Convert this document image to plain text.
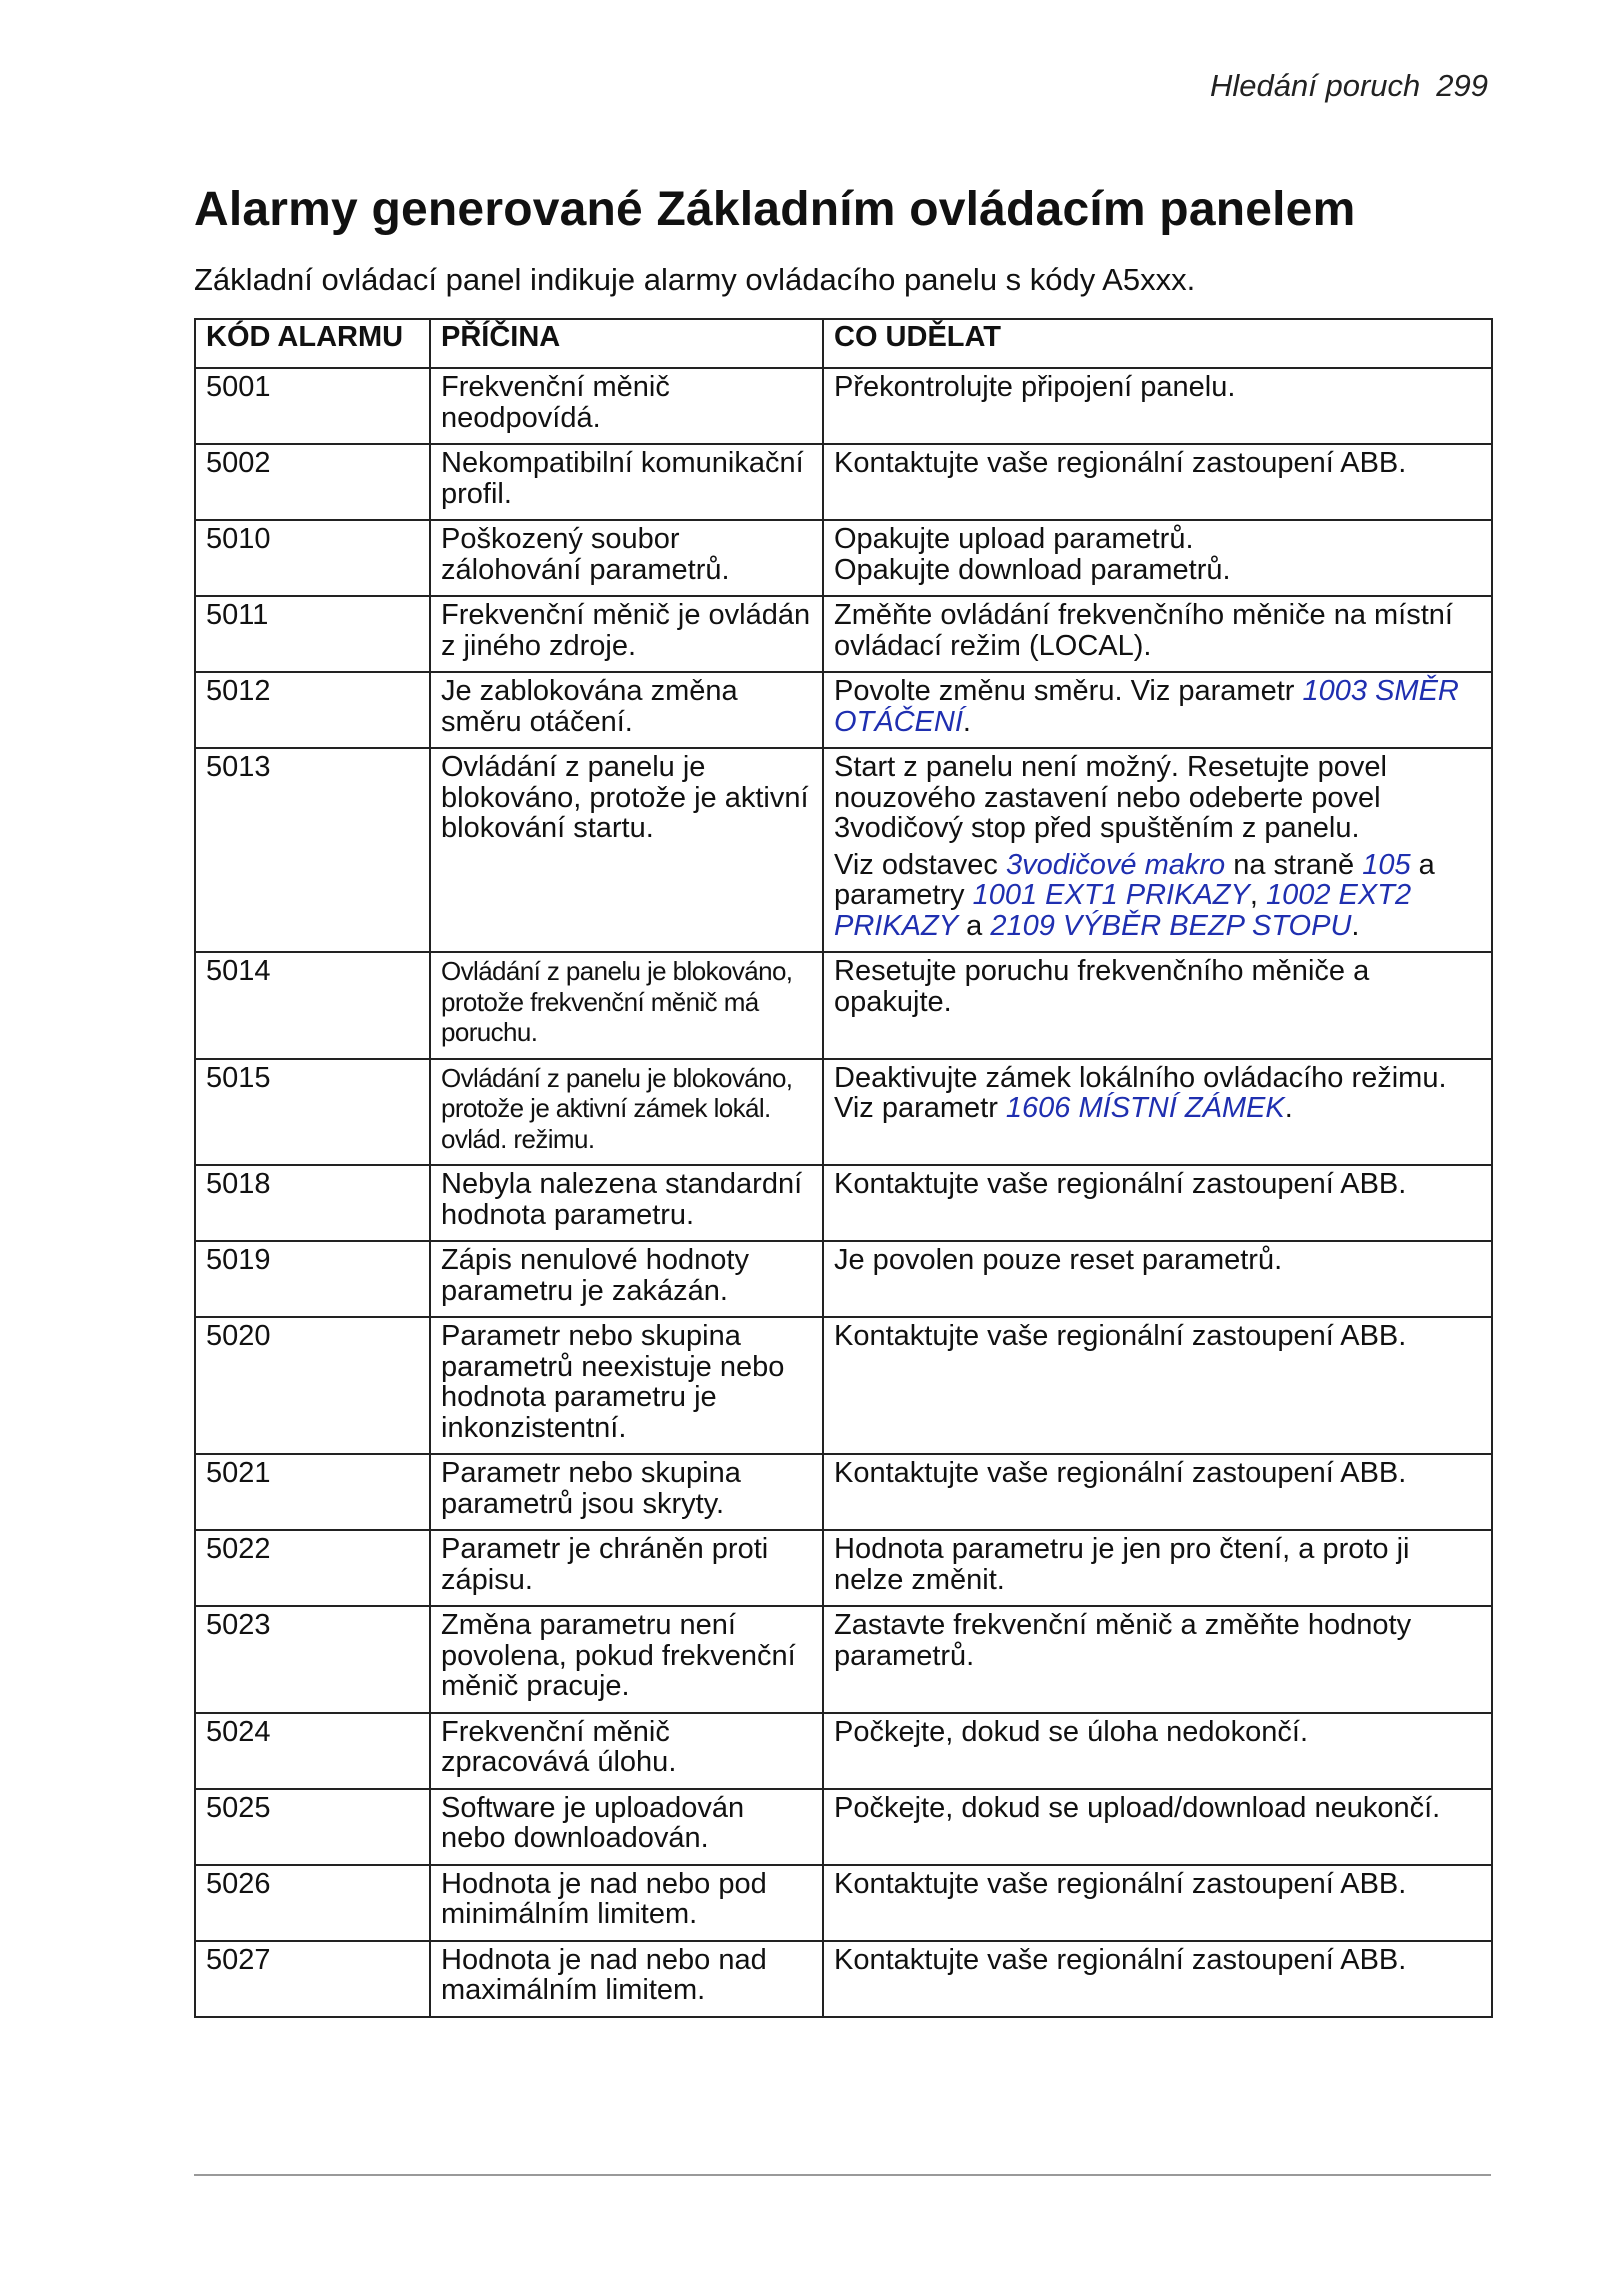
Hledání poruch 299
Alarmy generované Základním ovládacím panelem

Základní ovládací panel indikuje alarmy ovládacího panelu s kódy A5xxx.

KÓD ALARMU	PŘÍČINA	CO UDĚLAT
5001	Frekvenční měnič neodpovídá.	Překontrolujte připojení panelu.
5002	Nekompatibilní komunikační profil.	Kontaktujte vaše regionální zastoupení ABB.
5010	Poškozený soubor zálohování parametrů.	Opakujte upload parametrů.
Opakujte download parametrů.
5011	Frekvenční měnič je ovládán z jiného zdroje.	Změňte ovládání frekvenčního měniče na místní ovládací režim (LOCAL).
5012	Je zablokována změna směru otáčení.	Povolte změnu směru. Viz parametr 1003 SMĚR OTÁČENÍ.
5013	Ovládání z panelu je blokováno, protože je aktivní blokování startu.	Start z panelu není možný. Resetujte povel nouzového zastavení nebo odeberte povel 3vodičový stop před spuštěním z panelu.
Viz odstavec 3vodičové makro na straně 105 a parametry 1001 EXT1 PRIKAZY, 1002 EXT2 PRIKAZY a 2109 VÝBĚR BEZP STOPU.

5014	Ovládání z panelu je blokováno, protože frekvenční měnič má poruchu.	Resetujte poruchu frekvenčního měniče a opakujte.
5015	Ovládání z panelu je blokováno, protože je aktivní zámek lokál. ovlád. režimu.	Deaktivujte zámek lokálního ovládacího režimu. Viz parametr 1606 MÍSTNÍ ZÁMEK.
5018	Nebyla nalezena standardní hodnota parametru.	Kontaktujte vaše regionální zastoupení ABB.
5019	Zápis nenulové hodnoty parametru je zakázán.	Je povolen pouze reset parametrů.
5020	Parametr nebo skupina parametrů neexistuje nebo hodnota parametru je inkonzistentní.	Kontaktujte vaše regionální zastoupení ABB.
5021	Parametr nebo skupina parametrů jsou skryty.	Kontaktujte vaše regionální zastoupení ABB.
5022	Parametr je chráněn proti zápisu.	Hodnota parametru je jen pro čtení, a proto ji nelze změnit.
5023	Změna parametru není povolena, pokud frekvenční měnič pracuje.	Zastavte frekvenční měnič a změňte hodnoty parametrů.
5024	Frekvenční měnič zpracovává úlohu.	Počkejte, dokud se úloha nedokončí.
5025	Software je uploadován nebo downloadován.	Počkejte, dokud se upload/download neukončí.
5026	Hodnota je nad nebo pod minimálním limitem.	Kontaktujte vaše regionální zastoupení ABB.
5027	Hodnota je nad nebo nad maximálním limitem.	Kontaktujte vaše regionální zastoupení ABB.
